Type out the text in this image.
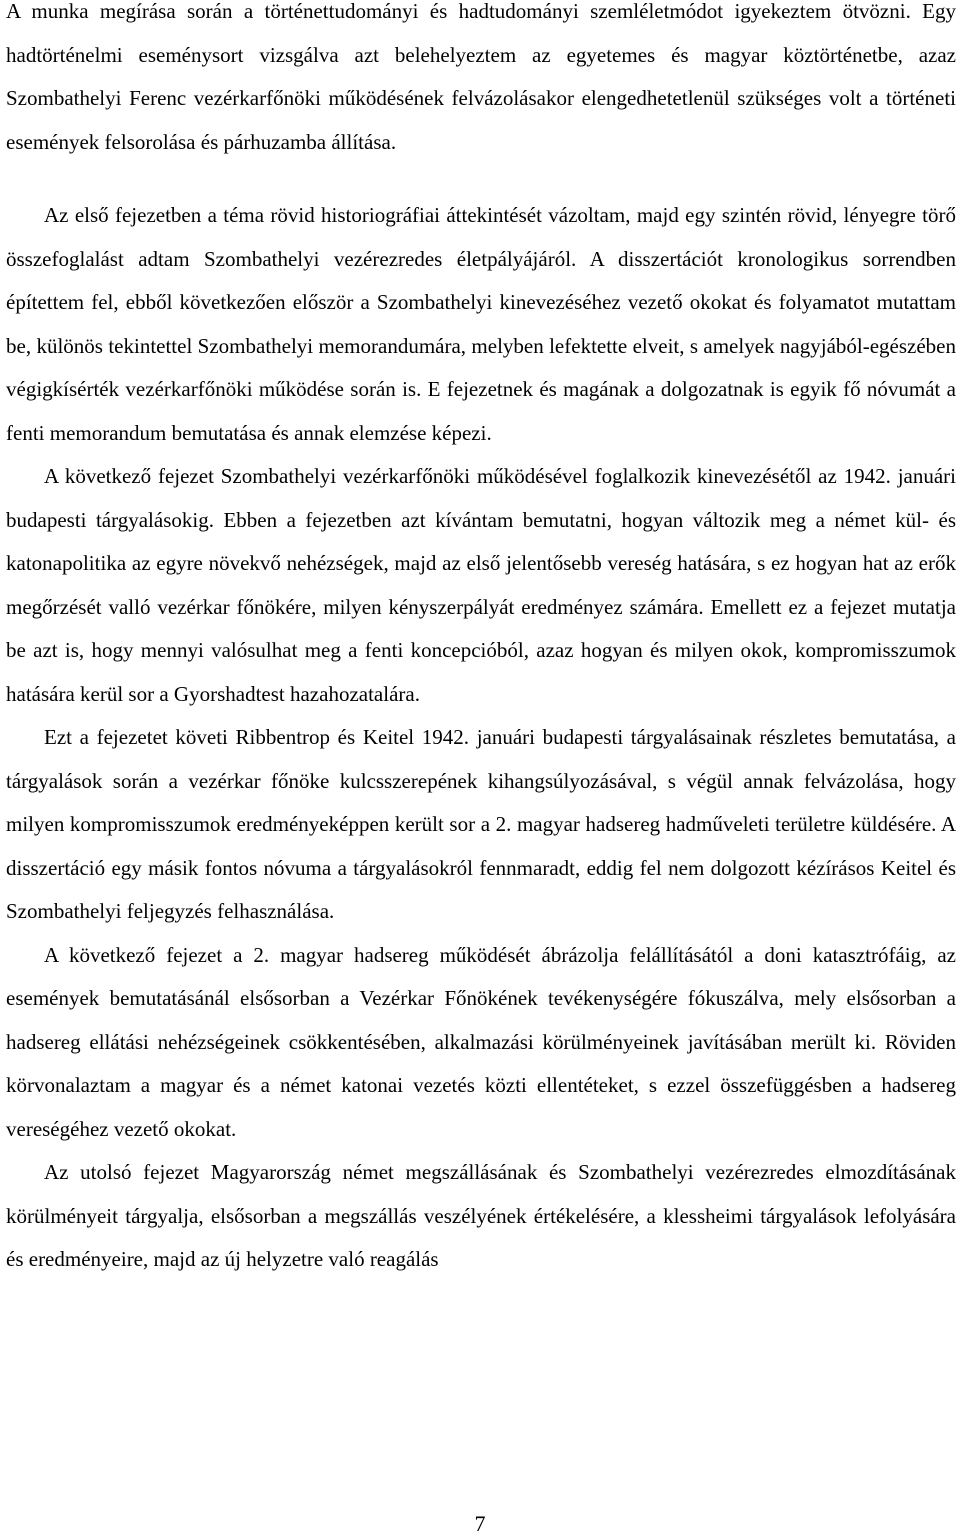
A munka megírása során a történettudományi és hadtudományi szemléletmódot igyekeztem ötvözni. Egy hadtörténelmi eseménysort vizsgálva azt belehelyeztem az egyetemes és magyar köztörténetbe, azaz Szombathelyi Ferenc vezérkarfőnöki működésének felvázolásakor elengedhetetlenül szükséges volt a történeti események felsorolása és párhuzamba állítása.

Az első fejezetben a téma rövid historiográfiai áttekintését vázoltam, majd egy szintén rövid, lényegre törő összefoglalást adtam Szombathelyi vezérezredes életpályájáról. A disszertációt kronologikus sorrendben építettem fel, ebből következően először a Szombathelyi kinevezéséhez vezető okokat és folyamatot mutattam be, különös tekintettel Szombathelyi memorandumára, melyben lefektette elveit, s amelyek nagyjából-egészében végigkísérték vezérkarfőnöki működése során is. E fejezetnek és magának a dolgozatnak is egyik fő nóvumát a fenti memorandum bemutatása és annak elemzése képezi.

A következő fejezet Szombathelyi vezérkarfőnöki működésével foglalkozik kinevezésétől az 1942. januári budapesti tárgyalásokig. Ebben a fejezetben azt kívántam bemutatni, hogyan változik meg a német kül- és katonapolitika az egyre növekvő nehézségek, majd az első jelentősebb vereség hatására, s ez hogyan hat az erők megőrzését valló vezérkar főnökére, milyen kényszerpályát eredményez számára. Emellett ez a fejezet mutatja be azt is, hogy mennyi valósulhat meg a fenti koncepcióból, azaz hogyan és milyen okok, kompromisszumok hatására kerül sor a Gyorshadtest hazahozatalára.

Ezt a fejezetet követi Ribbentrop és Keitel 1942. januári budapesti tárgyalásainak részletes bemutatása, a tárgyalások során a vezérkar főnöke kulcsszerepének kihangsúlyozásával, s végül annak felvázolása, hogy milyen kompromisszumok eredményeképpen került sor a 2. magyar hadsereg hadműveleti területre küldésére. A disszertáció egy másik fontos nóvuma a tárgyalásokról fennmaradt, eddig fel nem dolgozott kézírásos Keitel és Szombathelyi feljegyzés felhasználása.

A következő fejezet a 2. magyar hadsereg működését ábrázolja felállításától a doni katasztrófáig, az események bemutatásánál elsősorban a Vezérkar Főnökének tevékenységére fókuszálva, mely elsősorban a hadsereg ellátási nehézségeinek csökkentésében, alkalmazási körülményeinek javításában merült ki. Röviden körvonalaztam a magyar és a német katonai vezetés közti ellentéteket, s ezzel összefüggésben a hadsereg vereségéhez vezető okokat.

Az utolsó fejezet Magyarország német megszállásának és Szombathelyi vezérezredes elmozdításának körülményeit tárgyalja, elsősorban a megszállás veszélyének értékelésére, a klessheimi tárgyalások lefolyására és eredményeire, majd az új helyzetre való reagálás

7
